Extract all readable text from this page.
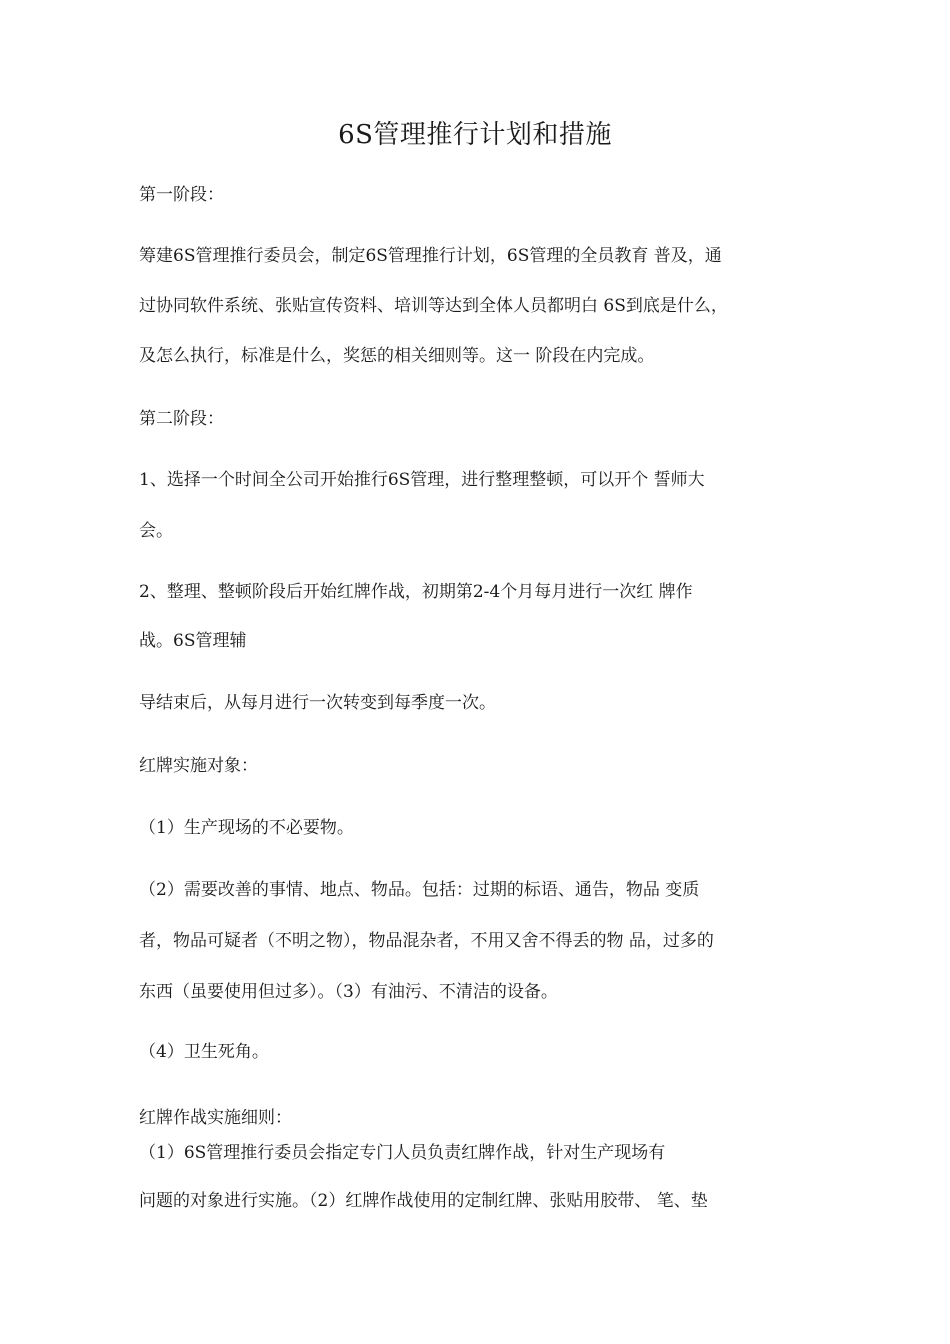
6S管理推行计划和措施
第一阶段：
筹建6S管理推行委员会，制定6S管理推行计划，6S管理的全员教育 普及，通
过协同软件系统、张贴宣传资料、培训等达到全体人员都明白 6S到底是什么，
及怎么执行，标准是什么，奖惩的相关细则等。这一 阶段在内完成。
第二阶段：
1、选择一个时间全公司开始推行6S管理，进行整理整顿，可以开个 誓师大
会。
2、整理、整顿阶段后开始红牌作战，初期第2-4个月每月进行一次红 牌作
战。6S管理辅
导结束后，从每月进行一次转变到每季度一次。
红牌实施对象：
（1）生产现场的不必要物。
（2）需要改善的事情、地点、物品。包括：过期的标语、通告，物品 变质
者，物品可疑者（不明之物），物品混杂者，不用又舍不得丢的物 品，过多的
东西（虽要使用但过多）。（3）有油污、不清洁的设备。
（4）卫生死角。
红牌作战实施细则：
（1）6S管理推行委员会指定专门人员负责红牌作战，针对生产现场有
问题的对象进行实施。（2）红牌作战使用的定制红牌、张贴用胶带、 笔、垫
